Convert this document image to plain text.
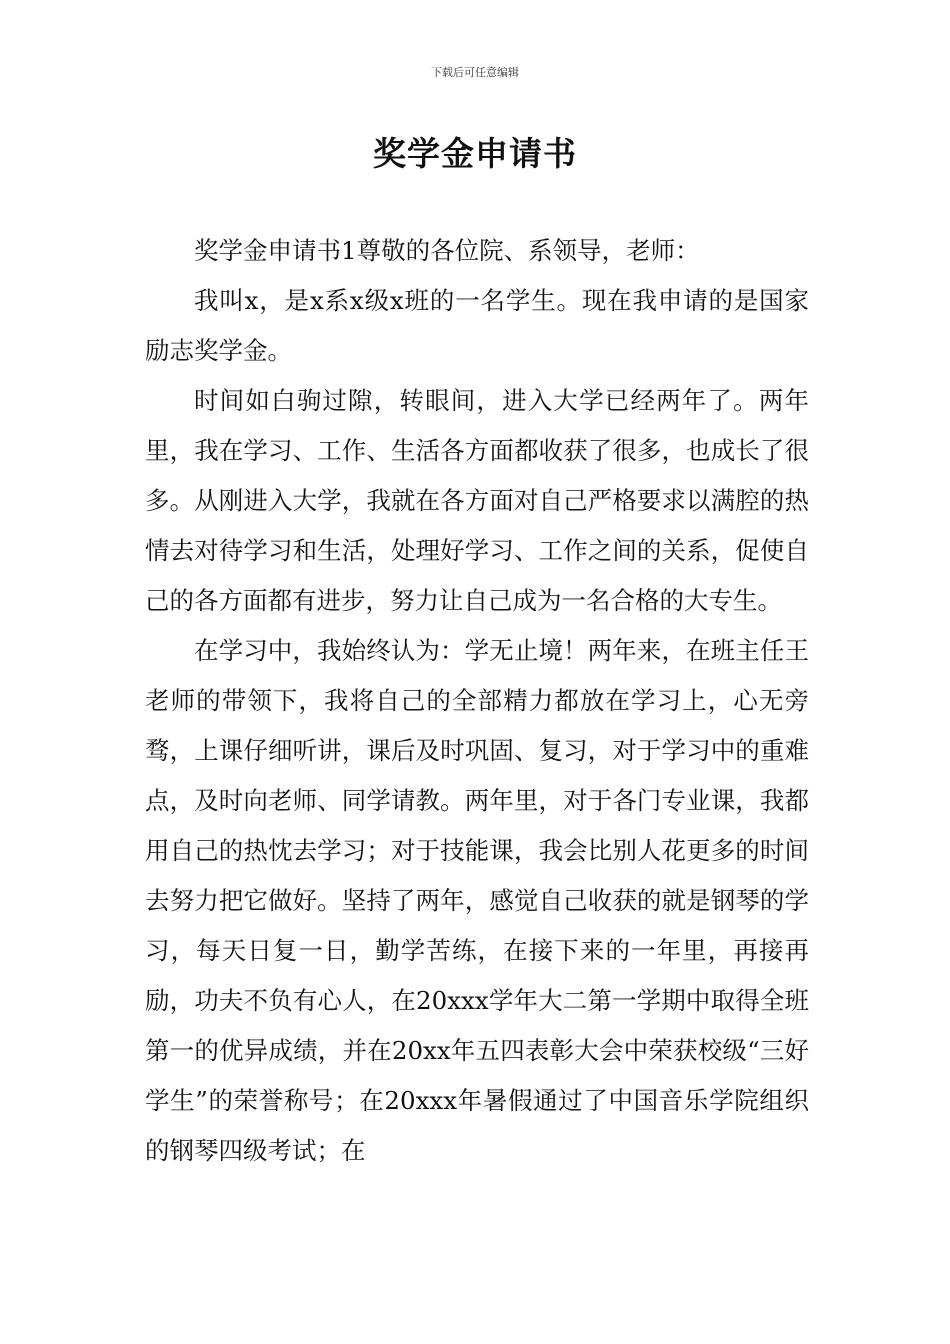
下载后可任意编辑
奖学金申请书

奖学金申请书1尊敬的各位院、系领导，老师：

我叫x，是x系x级x班的一名学生。现在我申请的是国家励志奖学金。

时间如白驹过隙，转眼间，进入大学已经两年了。两年里，我在学习、工作、生活各方面都收获了很多，也成长了很多。从刚进入大学，我就在各方面对自己严格要求以满腔的热情去对待学习和生活，处理好学习、工作之间的关系，促使自己的各方面都有进步，努力让自己成为一名合格的大专生。

在学习中，我始终认为：学无止境！两年来，在班主任王老师的带领下，我将自己的全部精力都放在学习上，心无旁骛，上课仔细听讲，课后及时巩固、复习，对于学习中的重难点，及时向老师、同学请教。两年里，对于各门专业课，我都用自己的热忱去学习；对于技能课，我会比别人花更多的时间去努力把它做好。坚持了两年，感觉自己收获的就是钢琴的学习，每天日复一日，勤学苦练，在接下来的一年里，再接再励，功夫不负有心人，在20xxx学年大二第一学期中取得全班第一的优异成绩，并在20xx年五四表彰大会中荣获校级“三好学生”的荣誉称号；在20xxx年暑假通过了中国音乐学院组织的钢琴四级考试；在
